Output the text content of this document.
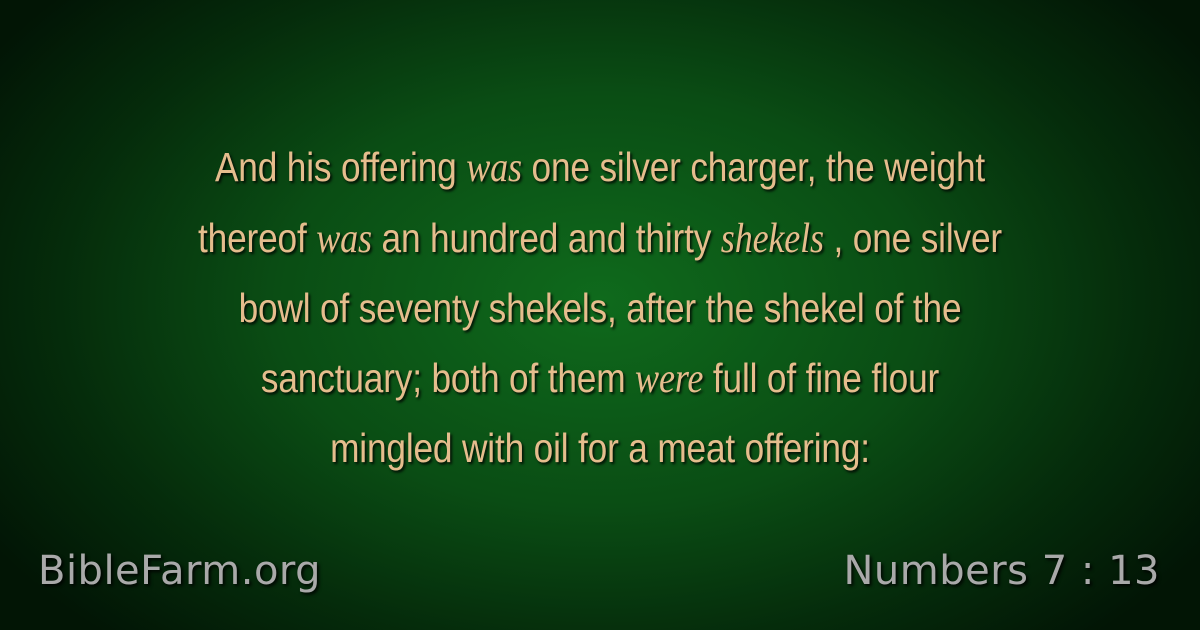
And his offering was one silver charger, the weight
thereof was an hundred and thirty shekels , one silver
bowl of seventy shekels, after the shekel of the
sanctuary; both of them were full of fine flour
mingled with oil for a meat offering:
BibleFarm.org	Numbers 7 : 13
